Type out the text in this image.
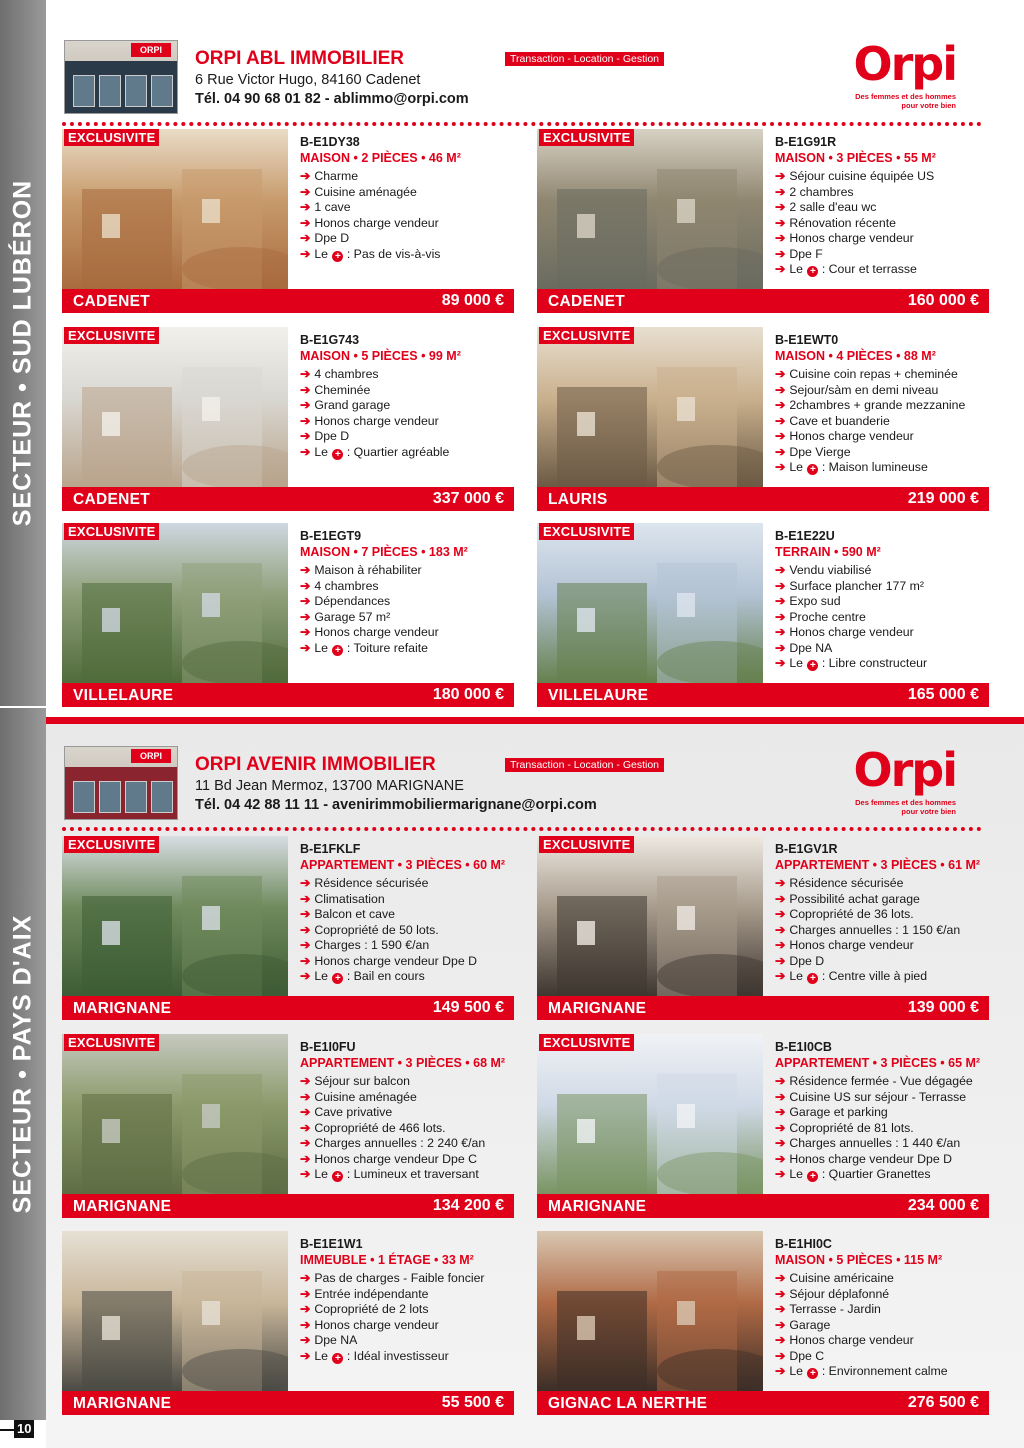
SECTEUR • SUD LUBÉRON
SECTEUR • PAYS D'AIX
ORPI	ORPI ABL IMMOBILIER
6 Rue Victor Hugo, 84160 Cadenet
Tél. 04 90 68 01 82 - ablimmo@orpi.com
Transaction - Location - Gestion	Orpi
Des femmes et des hommes
pour votre bien
ORPI	ORPI AVENIR IMMOBILIER
11 Bd Jean Mermoz, 13700 MARIGNANE
Tél. 04 42 88 11 11 - avenirimmobiliermarignane@orpi.com
Transaction - Location - Gestion	Orpi
Des femmes et des hommes
pour votre bien
EXCLUSIVITE	B-E1DY38
MAISON • 2 PIÈCES • 46 M²
➔ Charme
➔ Cuisine aménagée
➔ 1 cave
➔ Honos charge vendeur
➔ Dpe D
➔ Le + : Pas de vis-à-vis
CADENET	89 000 €
EXCLUSIVITE	B-E1G91R
MAISON • 3 PIÈCES • 55 M²
➔ Séjour cuisine équipée US
➔ 2 chambres
➔ 2 salle d'eau wc
➔ Rénovation récente
➔ Honos charge vendeur
➔ Dpe F
➔ Le + : Cour et terrasse
CADENET	160 000 €
EXCLUSIVITE	B-E1G743
MAISON • 5 PIÈCES • 99 M²
➔ 4 chambres
➔ Cheminée
➔ Grand garage
➔ Honos charge vendeur
➔ Dpe D
➔ Le + : Quartier agréable
CADENET	337 000 €
EXCLUSIVITE	B-E1EWT0
MAISON • 4 PIÈCES • 88 M²
➔ Cuisine coin repas + cheminée
➔ Sejour/sàm en demi niveau
➔ 2chambres + grande mezzanine
➔ Cave et buanderie
➔ Honos charge vendeur
➔ Dpe Vierge
➔ Le + : Maison lumineuse
LAURIS	219 000 €
EXCLUSIVITE	B-E1EGT9
MAISON • 7 PIÈCES • 183 M²
➔ Maison à réhabiliter
➔ 4 chambres
➔ Dépendances
➔ Garage 57 m²
➔ Honos charge vendeur
➔ Le + : Toiture refaite
VILLELAURE	180 000 €
EXCLUSIVITE	B-E1E22U
TERRAIN • 590 M²
➔ Vendu viabilisé
➔ Surface plancher 177 m²
➔ Expo sud
➔ Proche centre
➔ Honos charge vendeur
➔ Dpe NA
➔ Le + : Libre constructeur
VILLELAURE	165 000 €
EXCLUSIVITE	B-E1FKLF
APPARTEMENT • 3 PIÈCES • 60 M²
➔ Résidence sécurisée
➔ Climatisation
➔ Balcon et cave
➔ Copropriété de 50 lots.
➔ Charges : 1 590 €/an
➔ Honos charge vendeur Dpe D
➔ Le + : Bail en cours
MARIGNANE	149 500 €
EXCLUSIVITE	B-E1GV1R
APPARTEMENT • 3 PIÈCES • 61 M²
➔ Résidence sécurisée
➔ Possibilité achat garage
➔ Copropriété de 36 lots.
➔ Charges annuelles : 1 150 €/an
➔ Honos charge vendeur
➔ Dpe D
➔ Le + : Centre ville à pied
MARIGNANE	139 000 €
EXCLUSIVITE	B-E1I0FU
APPARTEMENT • 3 PIÈCES • 68 M²
➔ Séjour sur balcon
➔ Cuisine aménagée
➔ Cave privative
➔ Copropriété de 466 lots.
➔ Charges annuelles : 2 240 €/an
➔ Honos charge vendeur Dpe C
➔ Le + : Lumineux et traversant
MARIGNANE	134 200 €
EXCLUSIVITE	B-E1I0CB
APPARTEMENT • 3 PIÈCES • 65 M²
➔ Résidence fermée - Vue dégagée
➔ Cuisine US sur séjour - Terrasse
➔ Garage et parking
➔ Copropriété de 81 lots.
➔ Charges annuelles : 1 440 €/an
➔ Honos charge vendeur Dpe D
➔ Le + : Quartier Granettes
MARIGNANE	234 000 €
B-E1E1W1
IMMEUBLE • 1 ÉTAGE • 33 M²
➔ Pas de charges - Faible foncier
➔ Entrée indépendante
➔ Copropriété de 2 lots
➔ Honos charge vendeur
➔ Dpe NA
➔ Le + : Idéal investisseur
MARIGNANE	55 500 €
B-E1HI0C
MAISON • 5 PIÈCES • 115 M²
➔ Cuisine américaine
➔ Séjour déplafonné
➔ Terrasse - Jardin
➔ Garage
➔ Honos charge vendeur
➔ Dpe C
➔ Le + : Environnement calme
GIGNAC LA NERTHE	276 500 €
10
